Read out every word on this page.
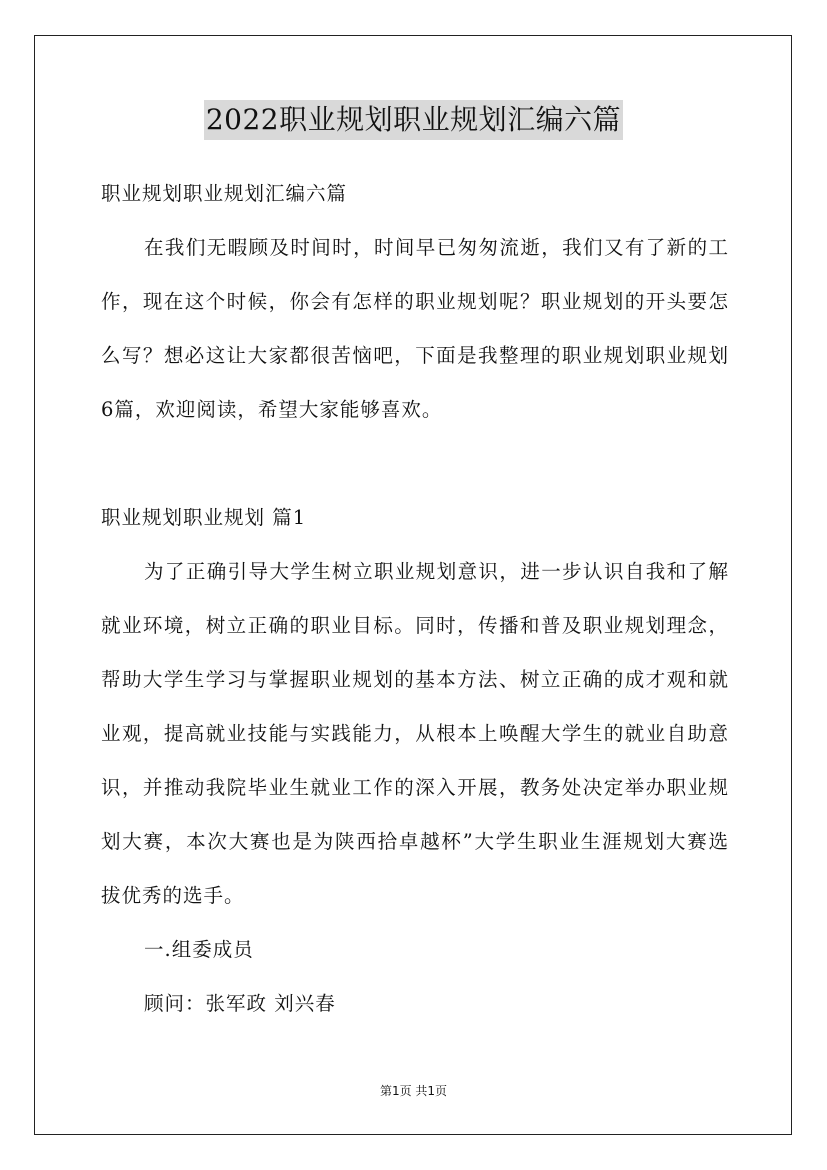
2022职业规划职业规划汇编六篇
职业规划职业规划汇编六篇
在我们无暇顾及时间时，时间早已匆匆流逝，我们又有了新的工
作，现在这个时候，你会有怎样的职业规划呢？职业规划的开头要怎
么写？想必这让大家都很苦恼吧，下面是我整理的职业规划职业规划
6篇，欢迎阅读，希望大家能够喜欢。
职业规划职业规划 篇1
为了正确引导大学生树立职业规划意识，进一步认识自我和了解
就业环境，树立正确的职业目标。同时，传播和普及职业规划理念，
帮助大学生学习与掌握职业规划的基本方法、树立正确的成才观和就
业观，提高就业技能与实践能力，从根本上唤醒大学生的就业自助意
识，并推动我院毕业生就业工作的深入开展，教务处决定举办职业规
划大赛，本次大赛也是为陕西拾卓越杯”大学生职业生涯规划大赛选
拔优秀的选手。
一.组委成员
顾问：张军政 刘兴春
第1页 共1页
